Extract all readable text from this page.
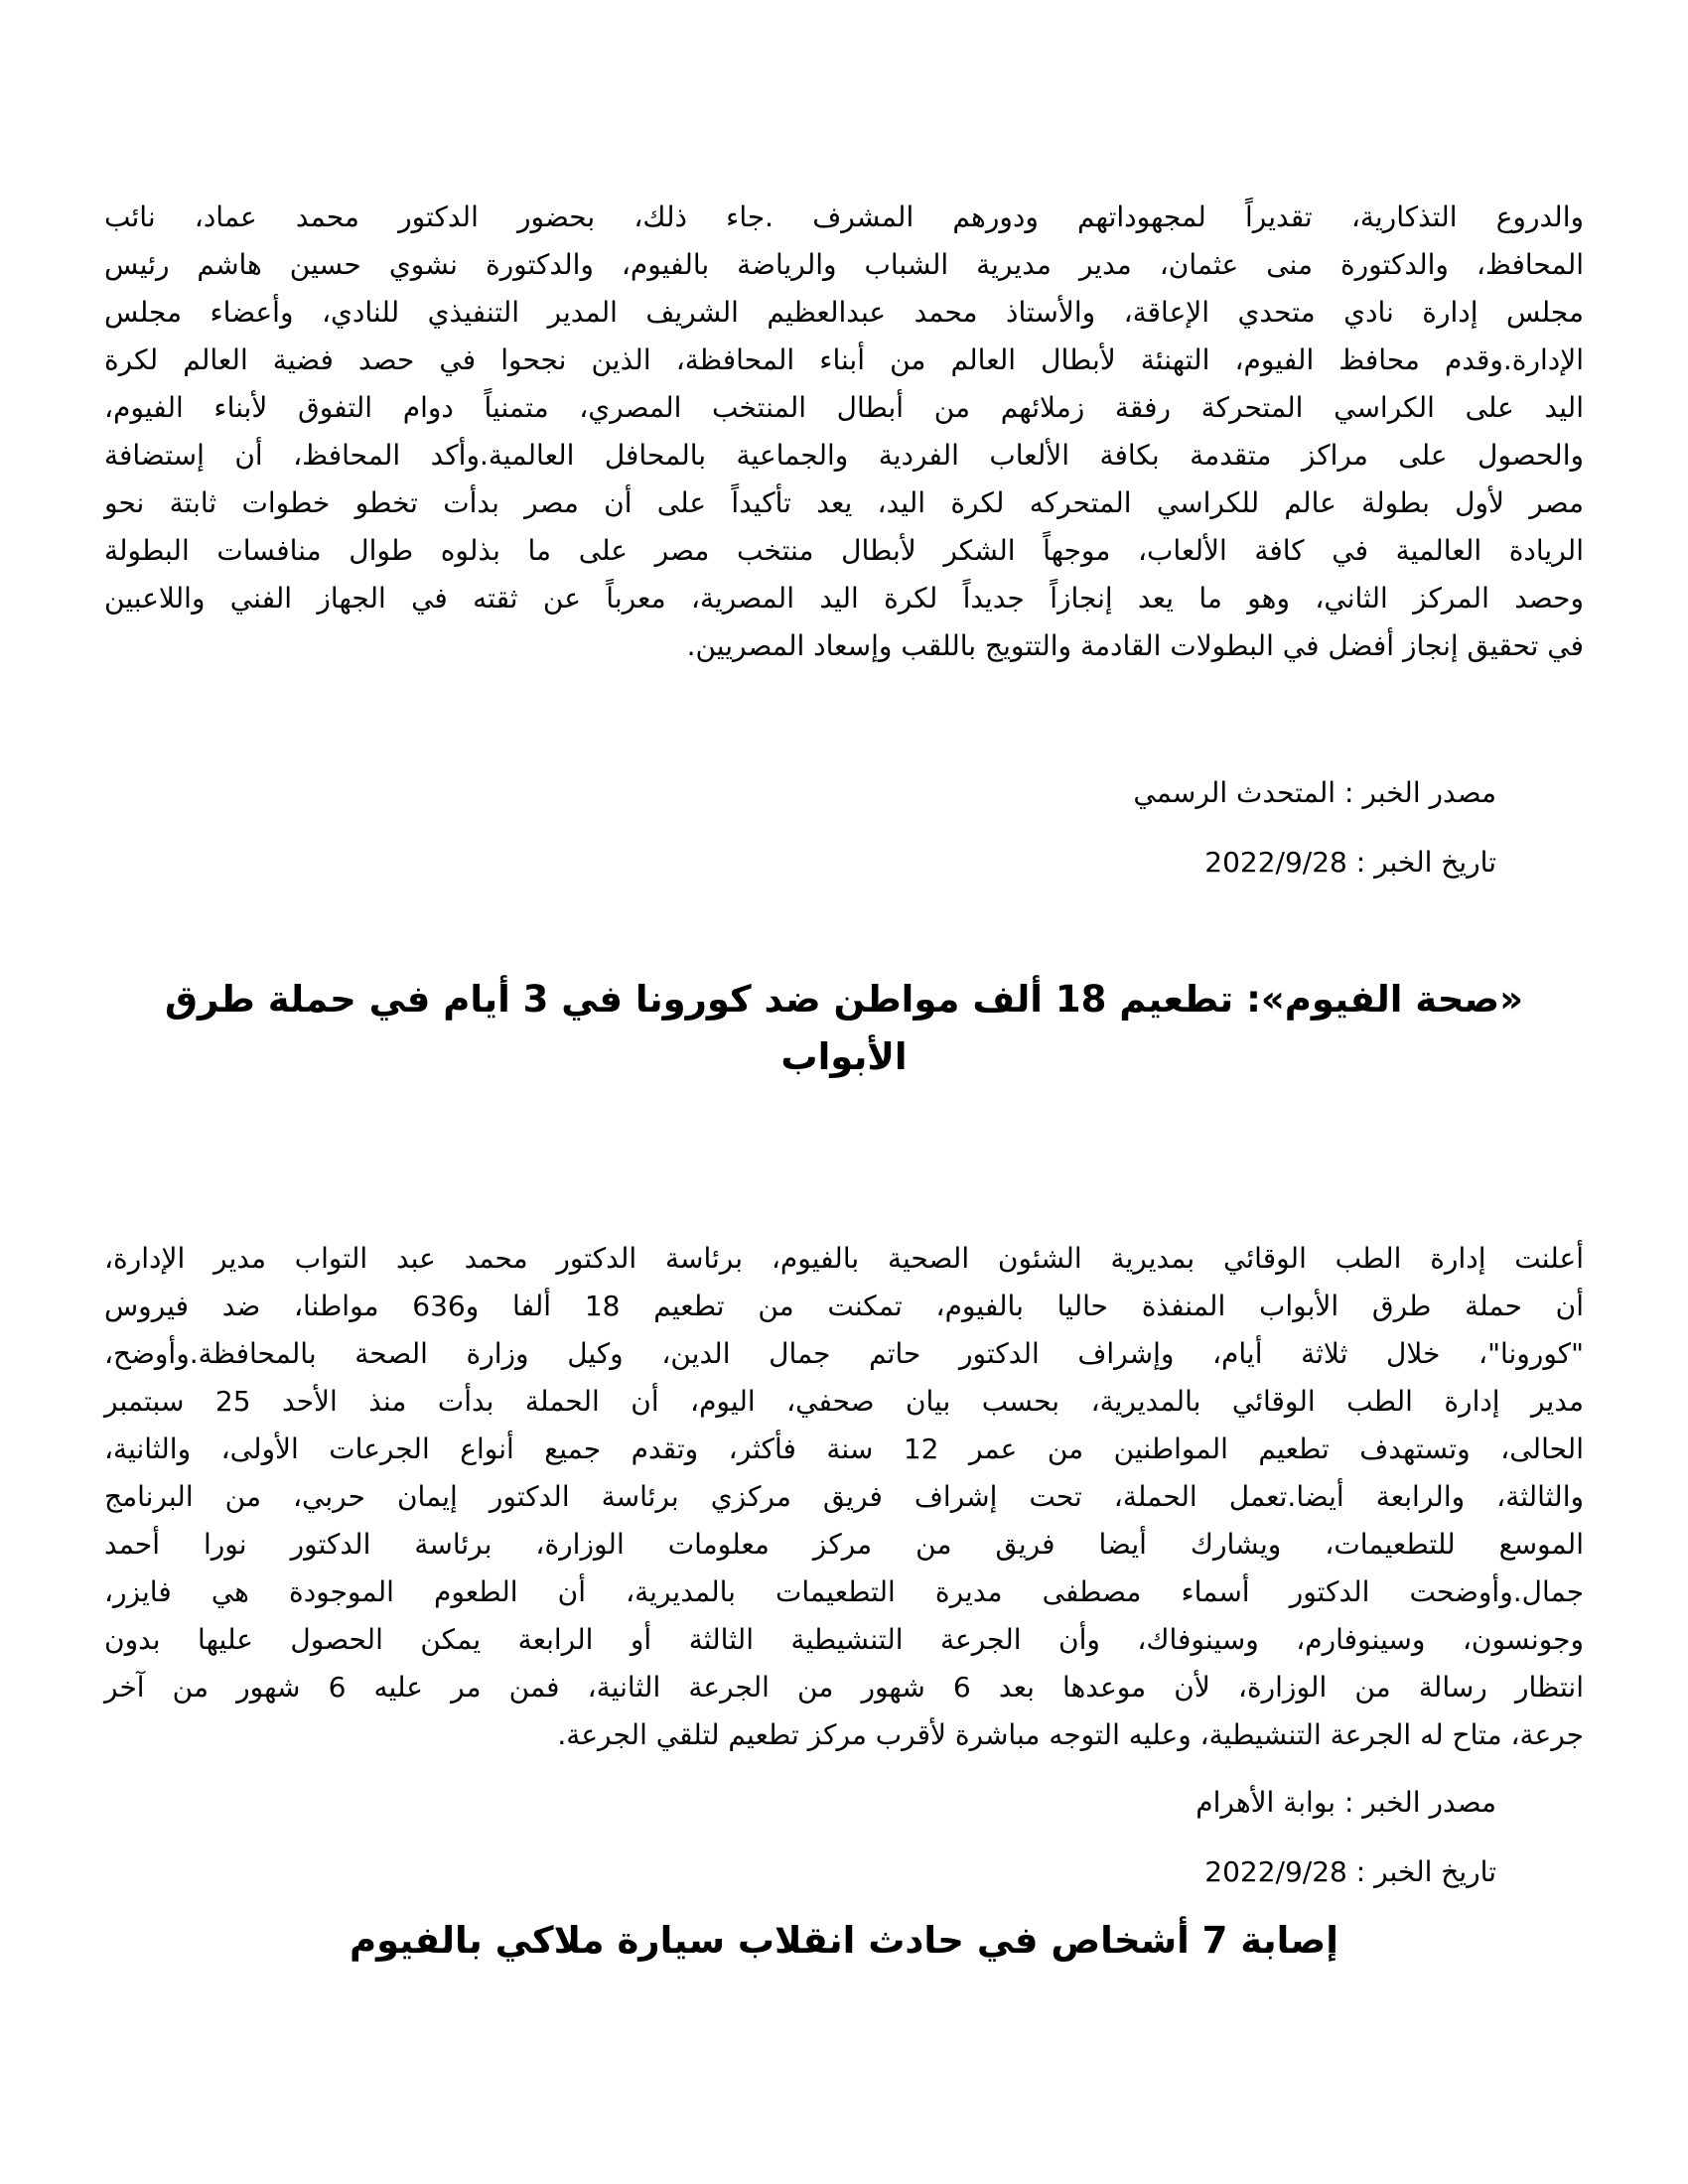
والدروع التذكارية، تقديراً لمجهوداتهم ودورهم المشرف .جاء ذلك، بحضور الدكتور محمد عماد، نائب
المحافظ، والدكتورة منى عثمان، مدير مديرية الشباب والرياضة بالفيوم، والدكتورة نشوي حسين هاشم رئيس
مجلس إدارة نادي متحدي الإعاقة، والأستاذ محمد عبدالعظيم الشريف المدير التنفيذي للنادي، وأعضاء مجلس
الإدارة.وقدم محافظ الفيوم، التهنئة لأبطال العالم من أبناء المحافظة، الذين نجحوا في حصد فضية العالم لكرة
اليد على الكراسي المتحركة رفقة زملائهم من أبطال المنتخب المصري، متمنياً دوام التفوق لأبناء الفيوم،
والحصول على مراكز متقدمة بكافة الألعاب الفردية والجماعية بالمحافل العالمية.وأكد المحافظ، أن إستضافة
مصر لأول بطولة عالم للكراسي المتحركه لكرة اليد، يعد تأكيداً على أن مصر بدأت تخطو خطوات ثابتة نحو
الريادة العالمية في كافة الألعاب، موجهاً الشكر لأبطال منتخب مصر على ما بذلوه طوال منافسات البطولة
وحصد المركز الثاني، وهو ما يعد إنجازاً جديداً لكرة اليد المصرية، معرباً عن ثقته في الجهاز الفني واللاعبين
في تحقيق إنجاز أفضل في البطولات القادمة والتتويج باللقب وإسعاد المصريين.
مصدر الخبر : المتحدث الرسمي
تاريخ الخبر : 2022/9/28
«صحة الفيوم»: تطعيم 18 ألف مواطن ضد كورونا في 3 أيام في حملة طرق
الأبواب
أعلنت إدارة الطب الوقائي بمديرية الشئون الصحية بالفيوم، برئاسة الدكتور محمد عبد التواب مدير الإدارة،
أن حملة طرق الأبواب المنفذة حاليا بالفيوم، تمكنت من تطعيم 18 ألفا و636 مواطنا، ضد فيروس
"كورونا"، خلال ثلاثة أيام، وإشراف الدكتور حاتم جمال الدين، وكيل وزارة الصحة بالمحافظة.وأوضح،
مدير إدارة الطب الوقائي بالمديرية، بحسب بيان صحفي، اليوم، أن الحملة بدأت منذ الأحد 25 سبتمبر
الحالى، وتستهدف تطعيم المواطنين من عمر 12 سنة فأكثر، وتقدم جميع أنواع الجرعات الأولى، والثانية،
والثالثة، والرابعة أيضا.تعمل الحملة، تحت إشراف فريق مركزي برئاسة الدكتور إيمان حربي، من البرنامج
الموسع للتطعيمات، ويشارك أيضا فريق من مركز معلومات الوزارة، برئاسة الدكتور نورا أحمد
جمال.وأوضحت الدكتور أسماء مصطفى مديرة التطعيمات بالمديرية، أن الطعوم الموجودة هي فايزر،
وجونسون، وسينوفارم، وسينوفاك، وأن الجرعة التنشيطية الثالثة أو الرابعة يمكن الحصول عليها بدون
انتظار رسالة من الوزارة، لأن موعدها بعد 6 شهور من الجرعة الثانية، فمن مر عليه 6 شهور من آخر
جرعة، متاح له الجرعة التنشيطية، وعليه التوجه مباشرة لأقرب مركز تطعيم لتلقي الجرعة.
مصدر الخبر : بوابة الأهرام
تاريخ الخبر : 2022/9/28
إصابة 7 أشخاص في حادث انقلاب سيارة ملاكي بالفيوم
